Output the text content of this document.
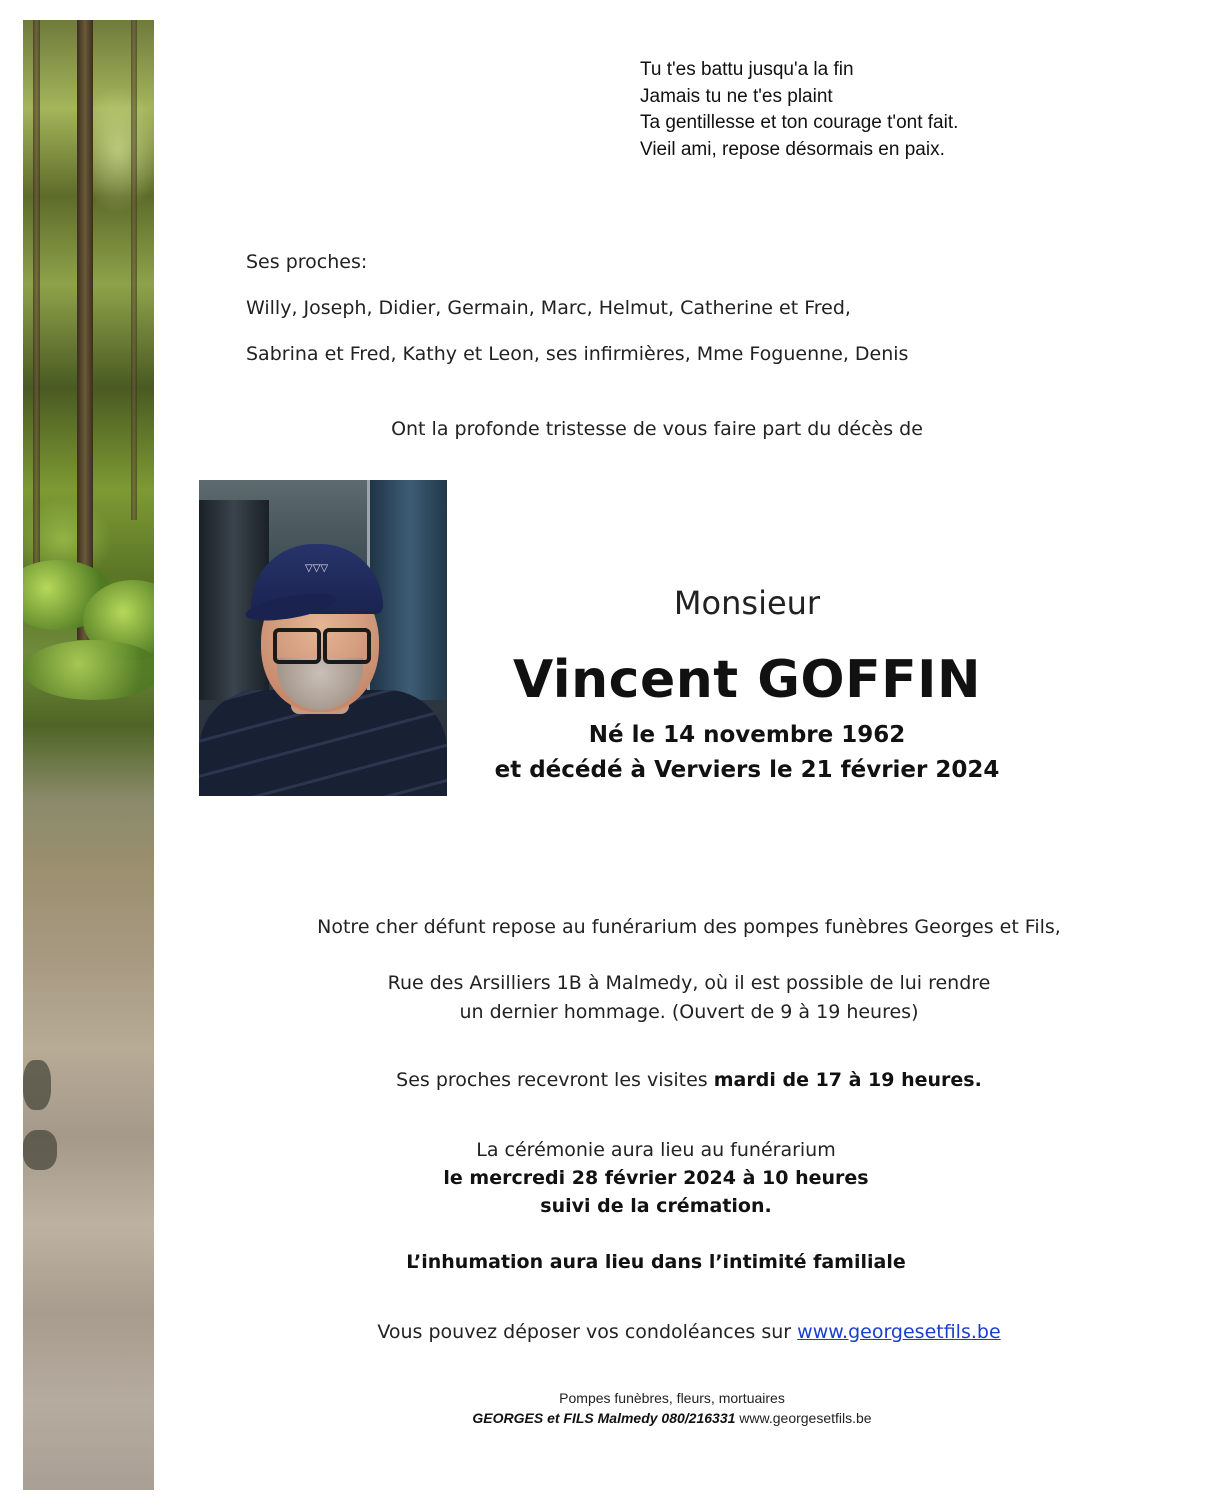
Tu t'es battu jusqu'a la fin
Jamais tu ne t'es plaint
Ta gentillesse et ton courage t'ont fait.
Vieil ami, repose désormais en paix.
Ses proches:
Willy, Joseph, Didier, Germain, Marc, Helmut, Catherine et Fred,
Sabrina et Fred, Kathy et Leon, ses infirmières, Mme Foguenne, Denis
Ont la profonde tristesse de vous faire part du décès de
▽▽▽
Monsieur
Vincent GOFFIN
Né le 14 novembre 1962
et décédé à Verviers le 21 février 2024
Notre cher défunt repose au funérarium des pompes funèbres Georges et Fils,
Rue des Arsilliers 1B à Malmedy, où il est possible de lui rendre
un dernier hommage. (Ouvert de 9 à 19 heures)
Ses proches recevront les visites mardi de 17 à 19 heures.
La cérémonie aura lieu au funérarium
le mercredi 28 février 2024 à 10 heures
suivi de la crémation.
L’inhumation aura lieu dans l’intimité familiale
Vous pouvez déposer vos condoléances sur www.georgesetfils.be
Pompes funèbres, fleurs, mortuaires
GEORGES et FILS Malmedy 080/216331 www.georgesetfils.be
